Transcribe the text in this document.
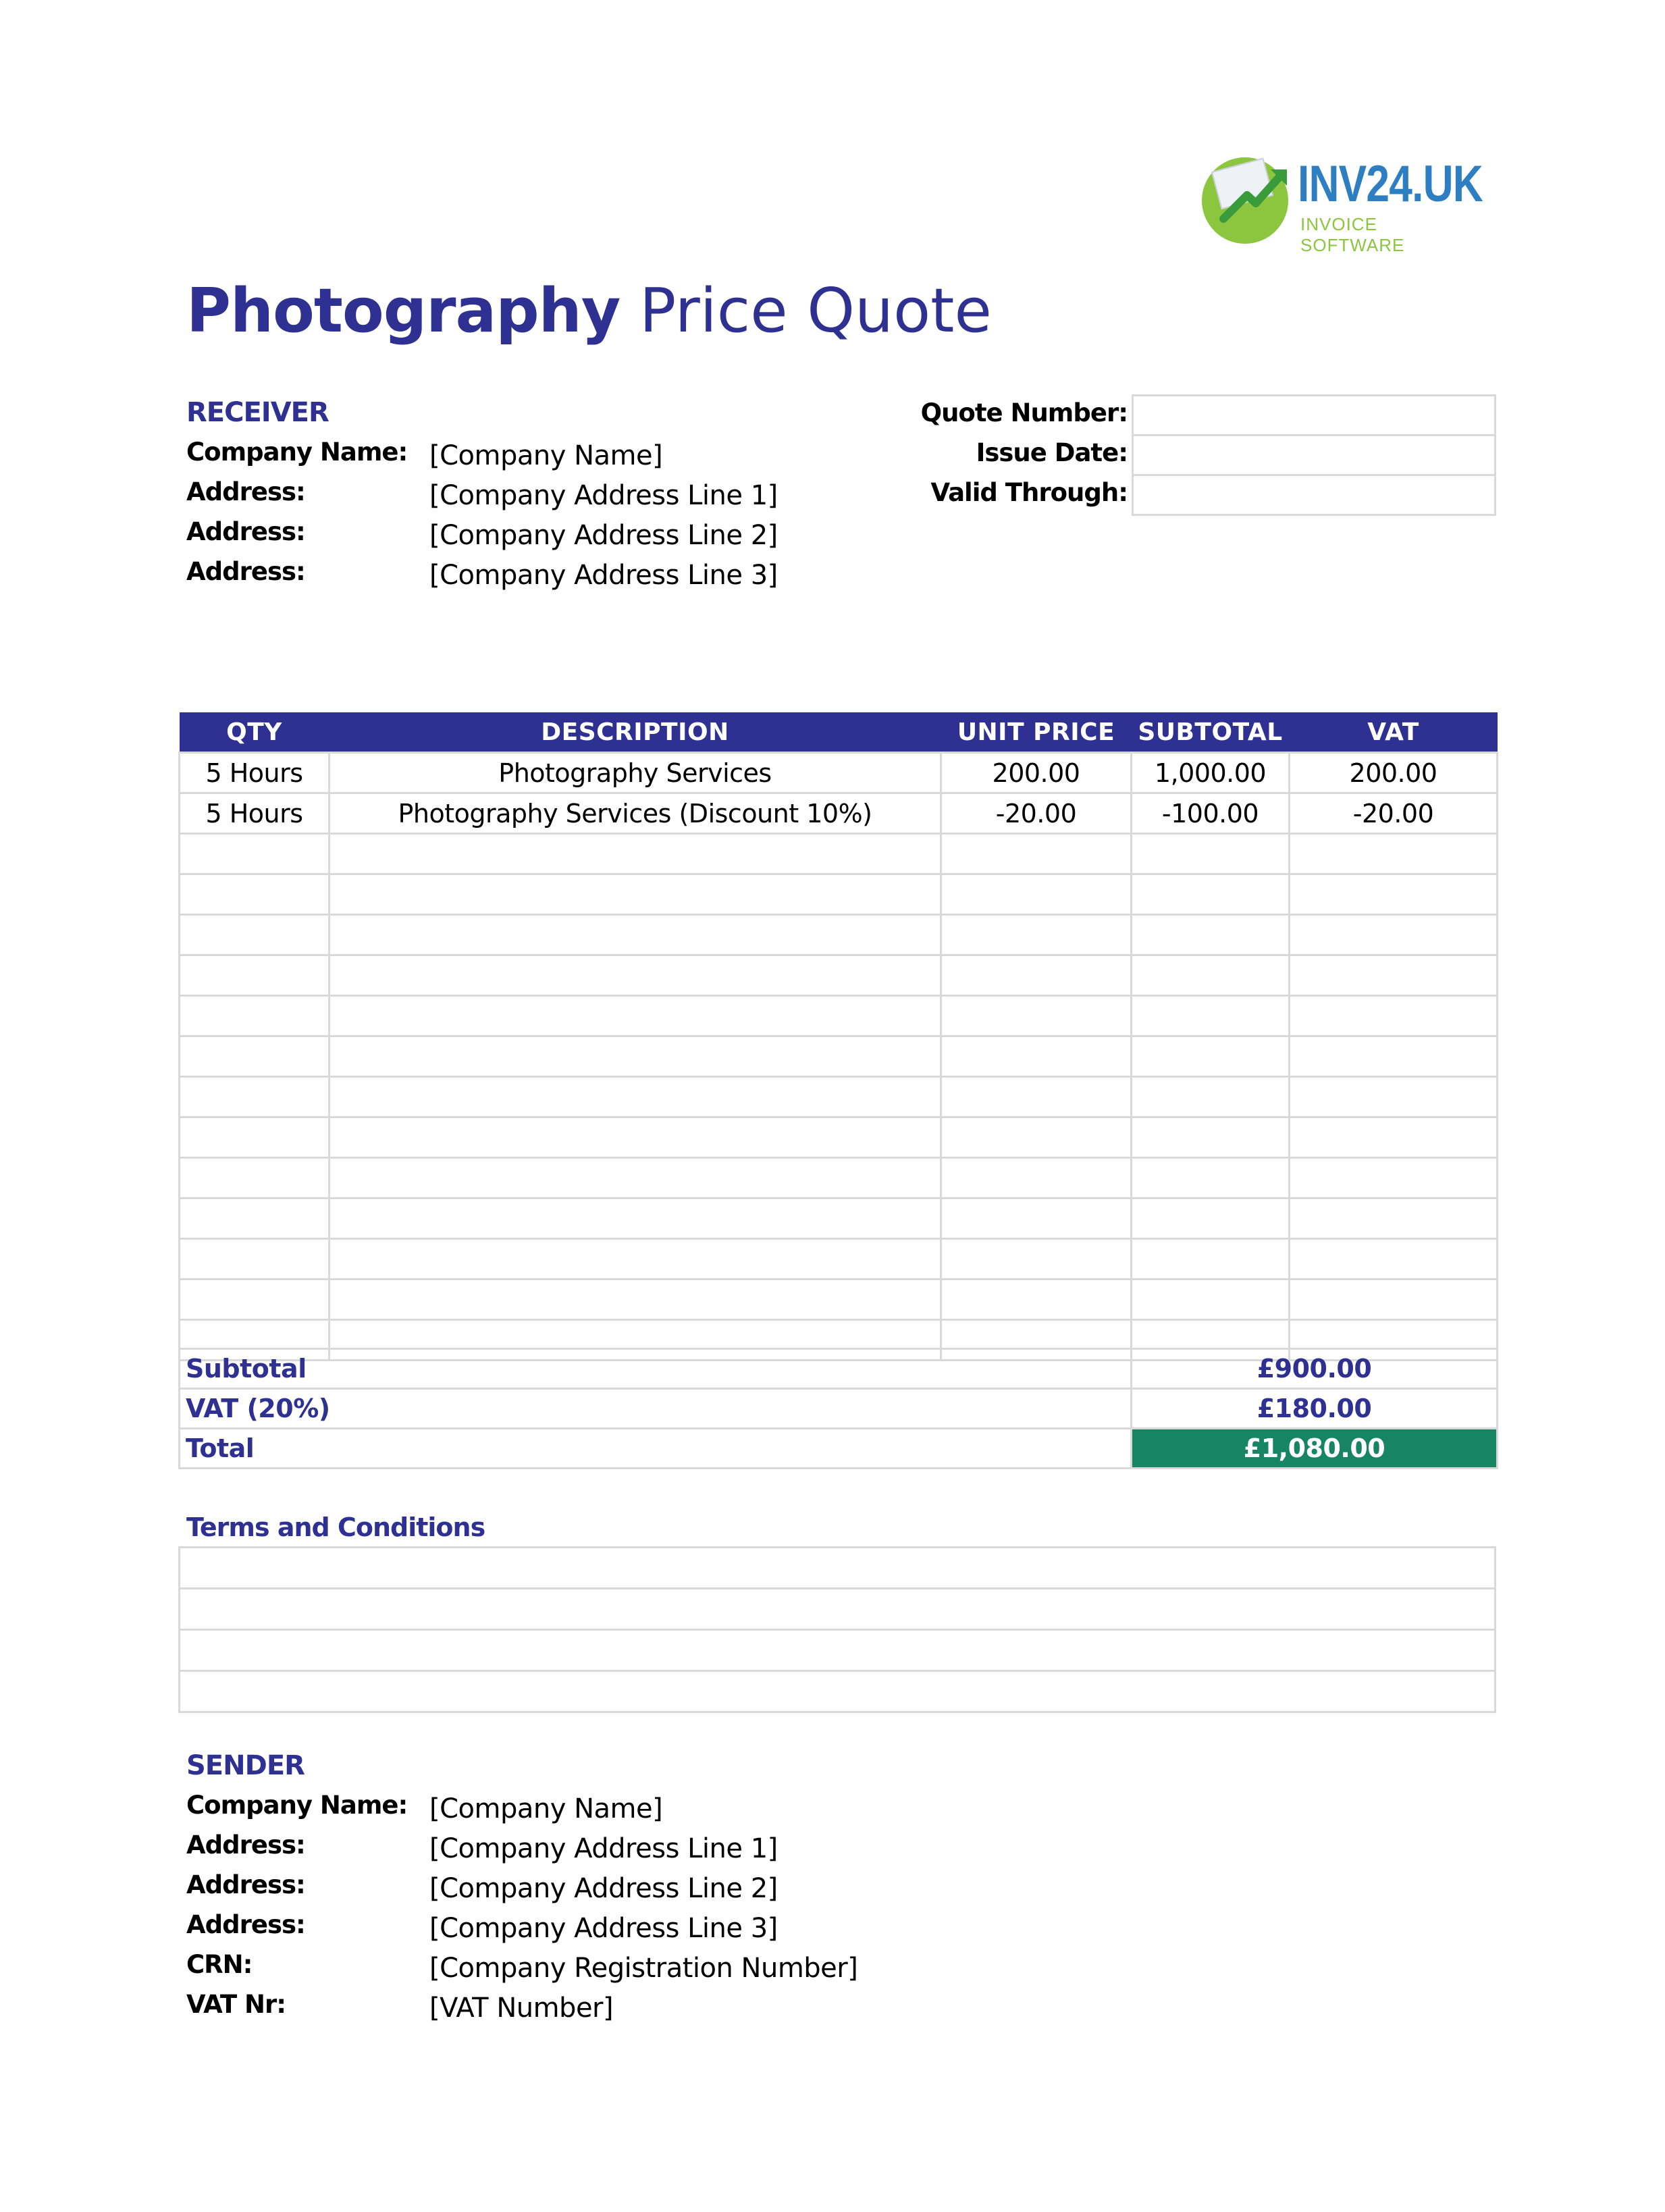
INV24.UK
INVOICE SOFTWARE
Photography Price Quote
RECEIVER
Company Name: [Company Name]
Address:	[Company Address Line 1]
Address:	[Company Address Line 2]
Address:	[Company Address Line 3]
Quote Number:
Issue Date:
Valid Through:
QTY	DESCRIPTION	UNIT PRICE	SUBTOTAL	VAT
5 Hours	Photography Services	200.00	1,000.00	200.00
5 Hours	Photography Services (Discount 10%)	-20.00	-100.00	-20.00

Subtotal	£900.00
VAT (20%)	£180.00
Total	£1,080.00
Terms and Conditions

SENDER
Company Name: [Company Name]
Address:	[Company Address Line 1]
Address:	[Company Address Line 2]
Address:	[Company Address Line 3]
CRN:	[Company Registration Number]
VAT Nr:	[VAT Number]
